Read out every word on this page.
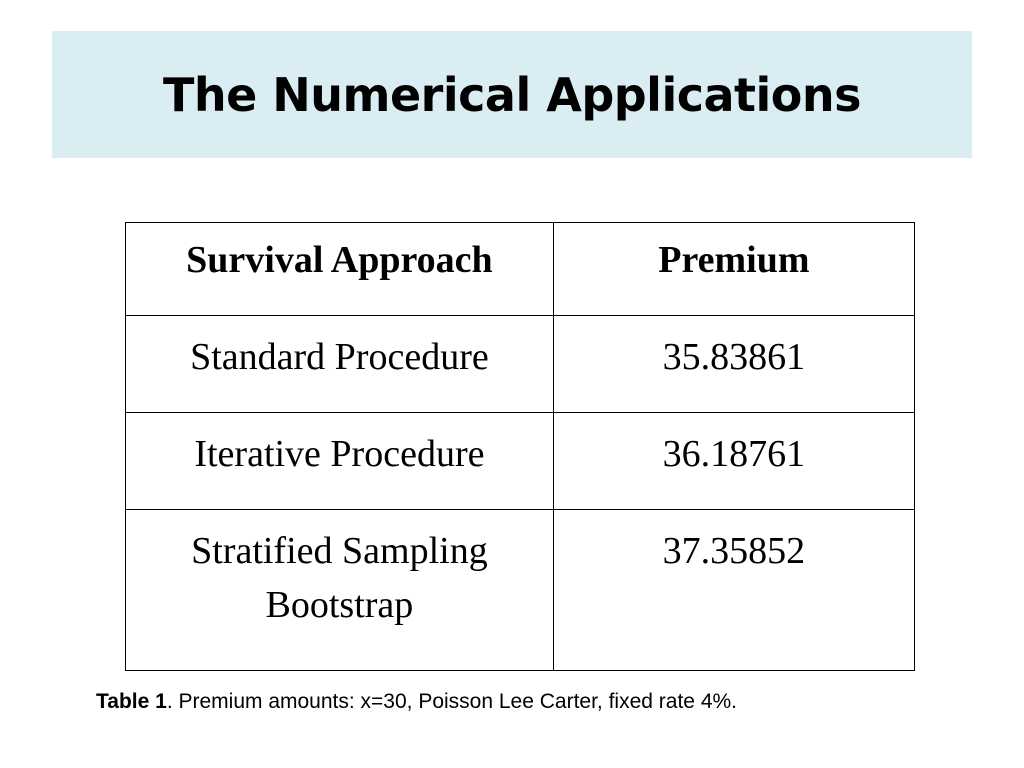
The Numerical Applications
Survival Approach	Premium
Standard Procedure	35.83861
Iterative Procedure	36.18761
Stratified Sampling
Bootstrap	37.35852
Table 1. Premium amounts: x=30, Poisson Lee Carter, fixed rate 4%.
